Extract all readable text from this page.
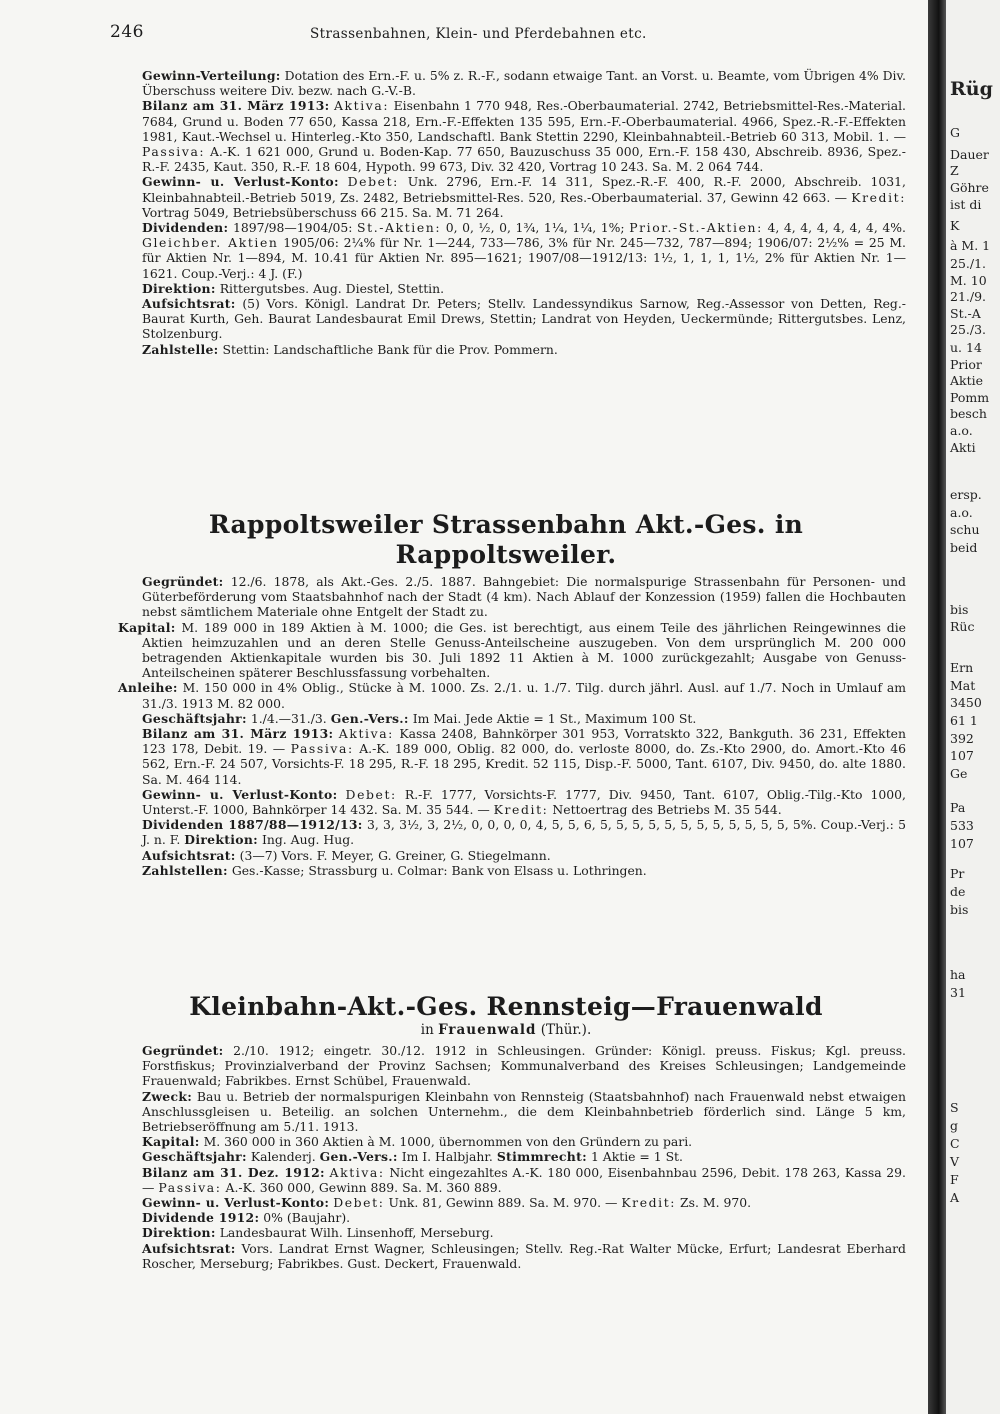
246	Strassenbahnen, Klein- und Pferdebahnen etc.

Gewinn-Verteilung: Dotation des Ern.-F. u. 5% z. R.-F., sodann etwaige Tant. an Vorst. u. Beamte, vom Übrigen 4% Div. Überschuss weitere Div. bezw. nach G.-V.-B.

Bilanz am 31. März 1913: Aktiva: Eisenbahn 1 770 948, Res.-Oberbaumaterial. 2742, Betriebsmittel-Res.-Material. 7684, Grund u. Boden 77 650, Kassa 218, Ern.-F.-Effekten 135 595, Ern.-F.-Oberbaumaterial. 4966, Spez.-R.-F.-Effekten 1981, Kaut.-Wechsel u. Hinterleg.-Kto 350, Landschaftl. Bank Stettin 2290, Kleinbahnabteil.-Betrieb 60 313, Mobil. 1. — Passiva: A.-K. 1 621 000, Grund u. Boden-Kap. 77 650, Bauzuschuss 35 000, Ern.-F. 158 430, Abschreib. 8936, Spez.-R.-F. 2435, Kaut. 350, R.-F. 18 604, Hypoth. 99 673, Div. 32 420, Vortrag 10 243. Sa. M. 2 064 744.

Gewinn- u. Verlust-Konto: Debet: Unk. 2796, Ern.-F. 14 311, Spez.-R.-F. 400, R.-F. 2000, Abschreib. 1031, Kleinbahnabteil.-Betrieb 5019, Zs. 2482, Betriebsmittel-Res. 520, Res.-Oberbaumaterial. 37, Gewinn 42 663. — Kredit: Vortrag 5049, Betriebsüberschuss 66 215. Sa. M. 71 264.

Dividenden: 1897/98—1904/05: St.-Aktien: 0, 0, ½, 0, 1¾, 1¼, 1¼, 1%; Prior.-St.-Aktien: 4, 4, 4, 4, 4, 4, 4, 4%. Gleichber. Aktien 1905/06: 2¼% für Nr. 1—244, 733—786, 3% für Nr. 245—732, 787—894; 1906/07: 2½% = 25 M. für Aktien Nr. 1—894, M. 10.41 für Aktien Nr. 895—1621; 1907/08—1912/13: 1½, 1, 1, 1, 1½, 2% für Aktien Nr. 1—1621. Coup.-Verj.: 4 J. (F.)

Direktion: Rittergutsbes. Aug. Diestel, Stettin.

Aufsichtsrat: (5) Vors. Königl. Landrat Dr. Peters; Stellv. Landessyndikus Sarnow, Reg.-Assessor von Detten, Reg.-Baurat Kurth, Geh. Baurat Landesbaurat Emil Drews, Stettin; Landrat von Heyden, Ueckermünde; Rittergutsbes. Lenz, Stolzenburg.

Zahlstelle: Stettin: Landschaftliche Bank für die Prov. Pommern.

Rappoltsweiler Strassenbahn Akt.-Ges. in Rappoltsweiler.

Gegründet: 12./6. 1878, als Akt.-Ges. 2./5. 1887. Bahngebiet: Die normalspurige Strassenbahn für Personen- und Güterbeförderung vom Staatsbahnhof nach der Stadt (4 km). Nach Ablauf der Konzession (1959) fallen die Hochbauten nebst sämtlichem Materiale ohne Entgelt der Stadt zu.

Kapital: M. 189 000 in 189 Aktien à M. 1000; die Ges. ist berechtigt, aus einem Teile des jährlichen Reingewinnes die Aktien heimzuzahlen und an deren Stelle Genuss-Anteilscheine auszugeben. Von dem ursprünglich M. 200 000 betragenden Aktienkapitale wurden bis 30. Juli 1892 11 Aktien à M. 1000 zurückgezahlt; Ausgabe von Genuss-Anteilscheinen späterer Beschlussfassung vorbehalten.

Anleihe: M. 150 000 in 4% Oblig., Stücke à M. 1000. Zs. 2./1. u. 1./7. Tilg. durch jährl. Ausl. auf 1./7. Noch in Umlauf am 31./3. 1913 M. 82 000.

Geschäftsjahr: 1./4.—31./3. Gen.-Vers.: Im Mai. Jede Aktie = 1 St., Maximum 100 St.

Bilanz am 31. März 1913: Aktiva: Kassa 2408, Bahnkörper 301 953, Vorratskto 322, Bankguth. 36 231, Effekten 123 178, Debit. 19. — Passiva: A.-K. 189 000, Oblig. 82 000, do. verloste 8000, do. Zs.-Kto 2900, do. Amort.-Kto 46 562, Ern.-F. 24 507, Vorsichts-F. 18 295, R.-F. 18 295, Kredit. 52 115, Disp.-F. 5000, Tant. 6107, Div. 9450, do. alte 1880. Sa. M. 464 114.

Gewinn- u. Verlust-Konto: Debet: R.-F. 1777, Vorsichts-F. 1777, Div. 9450, Tant. 6107, Oblig.-Tilg.-Kto 1000, Unterst.-F. 1000, Bahnkörper 14 432. Sa. M. 35 544. — Kredit: Nettoertrag des Betriebs M. 35 544.

Dividenden 1887/88—1912/13: 3, 3, 3½, 3, 2½, 0, 0, 0, 0, 4, 5, 5, 6, 5, 5, 5, 5, 5, 5, 5, 5, 5, 5, 5, 5, 5%. Coup.-Verj.: 5 J. n. F. Direktion: Ing. Aug. Hug.

Aufsichtsrat: (3—7) Vors. F. Meyer, G. Greiner, G. Stiegelmann.

Zahlstellen: Ges.-Kasse; Strassburg u. Colmar: Bank von Elsass u. Lothringen.

Kleinbahn-Akt.-Ges. Rennsteig—Frauenwald
in Frauenwald (Thür.).

Gegründet: 2./10. 1912; eingetr. 30./12. 1912 in Schleusingen. Gründer: Königl. preuss. Fiskus; Kgl. preuss. Forstfiskus; Provinzialverband der Provinz Sachsen; Kommunalverband des Kreises Schleusingen; Landgemeinde Frauenwald; Fabrikbes. Ernst Schübel, Frauenwald.

Zweck: Bau u. Betrieb der normalspurigen Kleinbahn von Rennsteig (Staatsbahnhof) nach Frauenwald nebst etwaigen Anschlussgleisen u. Beteilig. an solchen Unternehm., die dem Kleinbahnbetrieb förderlich sind. Länge 5 km, Betriebseröffnung am 5./11. 1913.

Kapital: M. 360 000 in 360 Aktien à M. 1000, übernommen von den Gründern zu pari.

Geschäftsjahr: Kalenderj. Gen.-Vers.: Im I. Halbjahr. Stimmrecht: 1 Aktie = 1 St.

Bilanz am 31. Dez. 1912: Aktiva: Nicht eingezahltes A.-K. 180 000, Eisenbahnbau 2596, Debit. 178 263, Kassa 29. — Passiva: A.-K. 360 000, Gewinn 889. Sa. M. 360 889.

Gewinn- u. Verlust-Konto: Debet: Unk. 81, Gewinn 889. Sa. M. 970. — Kredit: Zs. M. 970.

Dividende 1912: 0% (Baujahr).

Direktion: Landesbaurat Wilh. Linsenhoff, Merseburg.

Aufsichtsrat: Vors. Landrat Ernst Wagner, Schleusingen; Stellv. Reg.-Rat Walter Mücke, Erfurt; Landesrat Eberhard Roscher, Merseburg; Fabrikbes. Gust. Deckert, Frauenwald.

Rüg
G
Dauer
Z
Göhre
ist di
K
à M. 1
25./1.
M. 10
21./9.
St.-A
25./3.
u. 14
Prior
Aktie
Pomm
besch
a.o.
Akti
ersp.
a.o.
schu
beid
bis
Rüc
Ern
Mat
3450
61 1
392
107
Ge
Pa
533
107
Pr
de
bis
ha
31
S
g
C
V
F
A
